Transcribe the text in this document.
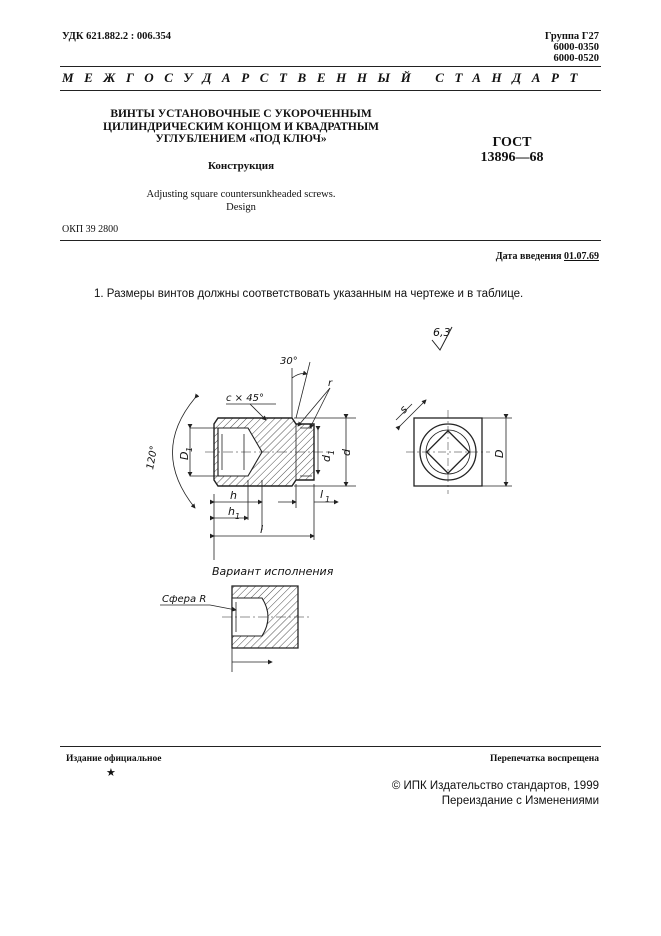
УДК 621.882.2 : 006.354	Группа Г27
6000-0350
6000-0520
МЕЖГОСУДАРСТВЕННЫЙ СТАНДАРТ
ВИНТЫ УСТАНОВОЧНЫЕ С УКОРОЧЕННЫМ
ЦИЛИНДРИЧЕСКИМ КОНЦОМ И КВАДРАТНЫМ
УГЛУБЛЕНИЕМ «ПОД КЛЮЧ»	ГОСТ
13896—68
Конструкция
Adjusting square countersunkheaded screws.
Design
ОКП 39 2800
Дата введения 01.07.69
1. Размеры винтов должны соответствовать указанным на чертеже и в таблице.
6,3
c × 45°
30°
r
120° D
1
d
1 d
h
h 1
l 1
l
s
D
Вариант исполнения
Сфера R
Издание официальное
★
Перепечатка воспрещена
© ИПК Издательство стандартов, 1999
Переиздание с Изменениями
